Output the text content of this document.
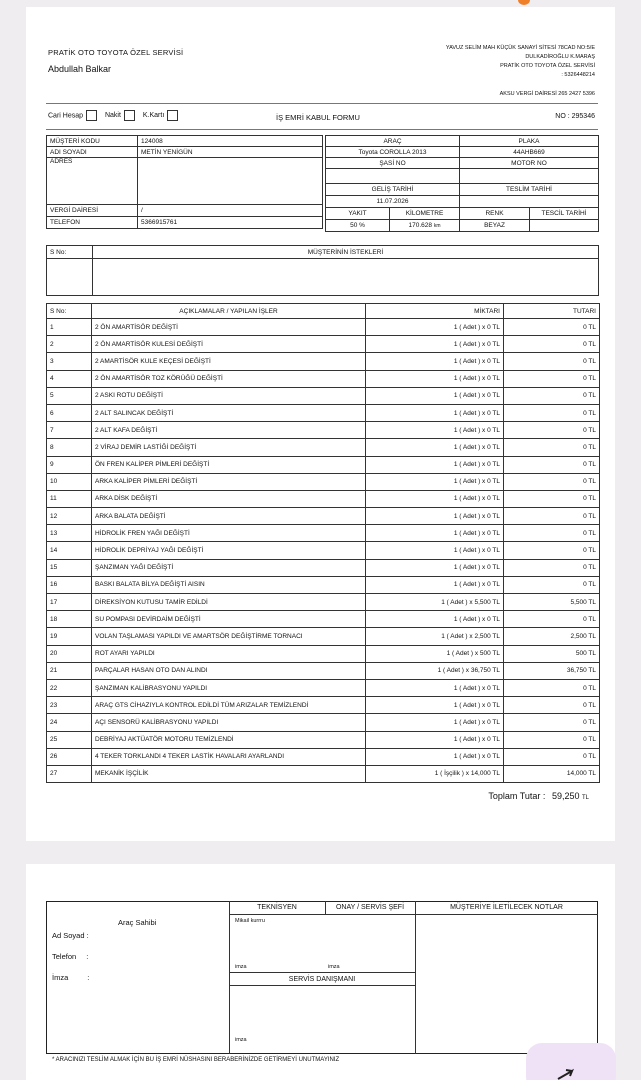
PRATİK OTO TOYOTA ÖZEL SERVİSİ
Abdullah Balkar
YAVUZ SELİM MAH KÜÇÜK SANAYİ SİTESİ 78CAD NO:5/E
DULKADİROĞLU K.MARAŞ
PRATİK OTO TOYOTA ÖZEL SERVİSİ
: 5326448214
AKSU VERGİ DAİRESİ 265 2427 5396
Cari Hesap	Nakit	K.Kartı	İŞ EMRİ KABUL FORMU	NO : 295346
MÜŞTERİ KODU	124008
ADI SOYADI	METİN YENİGÜN
ADRES	
VERGİ DAİRESİ	/
TELEFON	5366915761
ARAÇ		PLAKA	
Toyota COROLLA 2013		44AHB669	
ŞASİ NO		MOTOR NO	

GELİŞ TARİHİ		TESLİM TARİHİ	
11.07.2026			
YAKIT	KİLOMETRE	RENK	TESCİL TARİHİ
50 %	170.628 km	BEYAZ	
S No:	MÜŞTERİNİN İSTEKLERİ

S No:	AÇIKLAMALAR / YAPILAN İŞLER	MİKTARI	TUTARI
1	2 ÖN AMARTİSÖR DEĞİŞTİ	1 ( Adet ) x 0 TL	0 TL
2	2 ÖN AMARTİSÖR KULESİ DEĞİŞTİ	1 ( Adet ) x 0 TL	0 TL
3	2 AMARTİSÖR KULE KEÇESİ DEĞİŞTİ	1 ( Adet ) x 0 TL	0 TL
4	2 ÖN AMARTİSÖR TOZ KÖRÜĞÜ DEĞİŞTİ	1 ( Adet ) x 0 TL	0 TL
5	2 ASKI ROTU DEĞİŞTİ	1 ( Adet ) x 0 TL	0 TL
6	2 ALT SALINCAK DEĞİŞTİ	1 ( Adet ) x 0 TL	0 TL
7	2 ALT KAFA DEĞİŞTİ	1 ( Adet ) x 0 TL	0 TL
8	2 VİRAJ DEMİR LASTİĞİ DEĞİŞTİ	1 ( Adet ) x 0 TL	0 TL
9	ÖN FREN KALİPER PİMLERİ DEĞİŞTİ	1 ( Adet ) x 0 TL	0 TL
10	ARKA KALİPER PİMLERİ DEĞİŞTİ	1 ( Adet ) x 0 TL	0 TL
11	ARKA DİSK DEĞİŞTİ	1 ( Adet ) x 0 TL	0 TL
12	ARKA BALATA DEĞİŞTİ	1 ( Adet ) x 0 TL	0 TL
13	HİDROLİK FREN YAĞI DEĞİŞTİ	1 ( Adet ) x 0 TL	0 TL
14	HİDROLİK DEPRİYAJ YAĞI DEĞİŞTİ	1 ( Adet ) x 0 TL	0 TL
15	ŞANZIMAN YAĞI DEĞİŞTİ	1 ( Adet ) x 0 TL	0 TL
16	BASKI BALATA BİLYA DEĞİŞTİ AISIN	1 ( Adet ) x 0 TL	0 TL
17	DİREKSİYON KUTUSU TAMİR EDİLDİ	1 ( Adet ) x 5,500 TL	5,500 TL
18	SU POMPASI DEVİRDAİM DEĞİŞTİ	1 ( Adet ) x 0 TL	0 TL
19	VOLAN TAŞLAMASI YAPILDI VE AMARTSÖR DEĞİŞTİRME TORNACI	1 ( Adet ) x 2,500 TL	2,500 TL
20	ROT AYARI YAPILDI	1 ( Adet ) x 500 TL	500 TL
21	PARÇALAR HASAN OTO DAN ALINDI	1 ( Adet ) x 36,750 TL	36,750 TL
22	ŞANZIMAN KALİBRASYONU YAPILDI	1 ( Adet ) x 0 TL	0 TL
23	ARAÇ GTS CİHAZIYLA KONTROL EDİLDİ TÜM ARIZALAR TEMİZLENDİ	1 ( Adet ) x 0 TL	0 TL
24	AÇI SENSORÜ KALİBRASYONU YAPILDI	1 ( Adet ) x 0 TL	0 TL
25	DEBRİYAJ AKTÜATÖR MOTORU TEMİZLENDİ	1 ( Adet ) x 0 TL	0 TL
26	4 TEKER TORKLANDI 4 TEKER LASTİK HAVALARI AYARLANDI	1 ( Adet ) x 0 TL	0 TL
27	MEKANİK İŞÇİLİK	1 ( İşçilik ) x 14,000 TL	14,000 TL
Toplam Tutar : 59,250 TL
TEKNİSYEN	ONAY / SERVİS ŞEFİ	MÜŞTERİYE İLETİLECEK NOTLAR
Mikail kurrru
imza	imza
SERVİS DANIŞMANI
imza
Araç Sahibi
Ad Soyad :
Telefon :
İmza	:
* ARACINIZI TESLİM ALMAK İÇİN BU İŞ EMRİ NÜSHASINI BERABERİNİZDE GETİRMEYİ UNUTMAYINIZ
